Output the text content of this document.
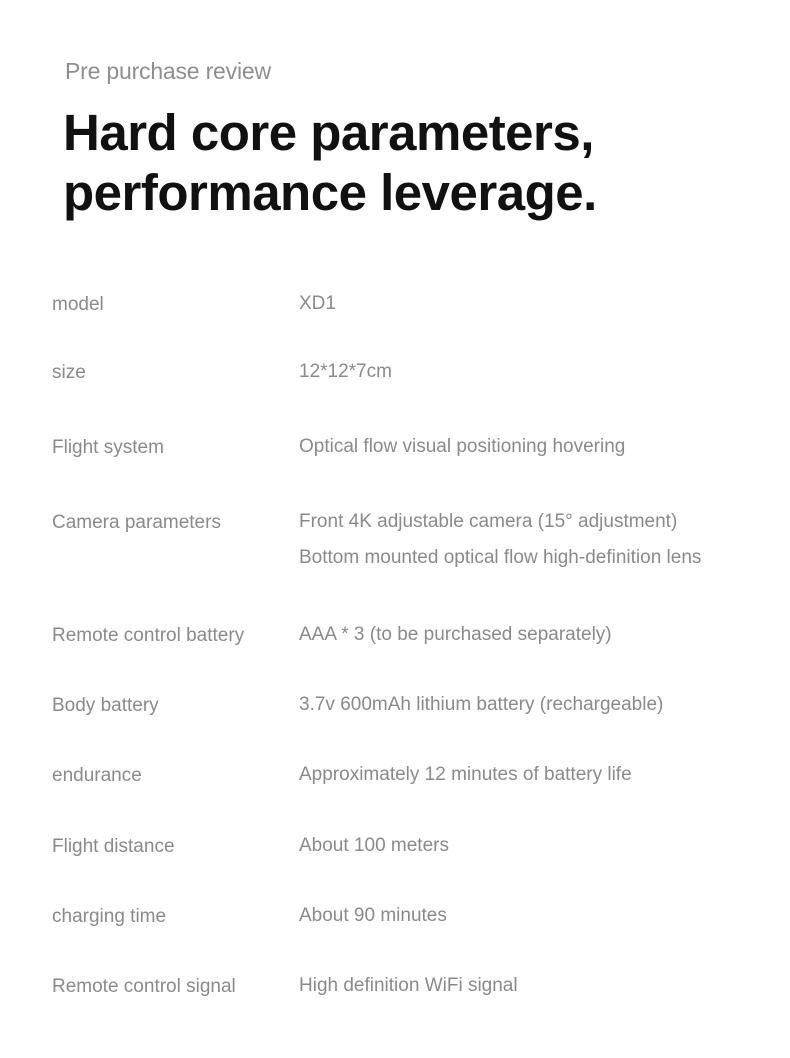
Pre purchase review
Hard core parameters,
performance leverage.
model	XD1
size	12*12*7cm
Flight system	Optical flow visual positioning hovering
Camera parameters	Front 4K adjustable camera (15° adjustment)
Bottom mounted optical flow high-definition lens
Remote control battery	AAA * 3 (to be purchased separately)
Body battery	3.7v 600mAh lithium battery (rechargeable)
endurance	Approximately 12 minutes of battery life
Flight distance	About 100 meters
charging time	About 90 minutes
Remote control signal	High definition WiFi signal
